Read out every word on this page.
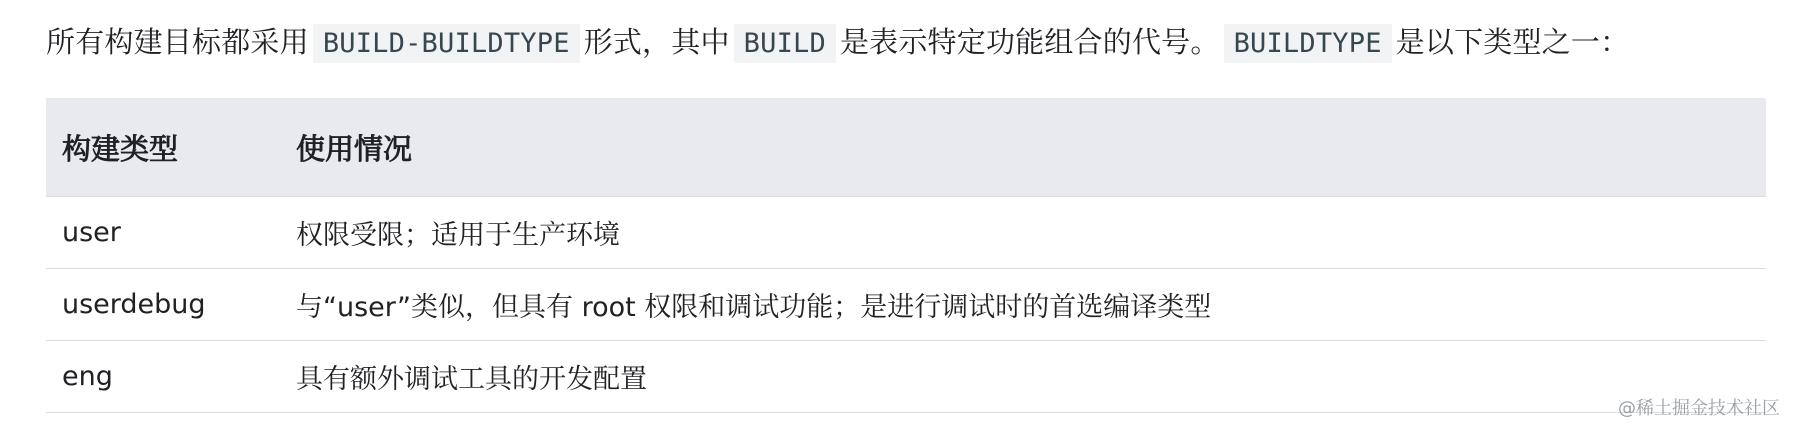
所有构建目标都采用 BUILD-BUILDTYPE 形式，其中 BUILD 是表示特定功能组合的代号。 BUILDTYPE 是以下类型之一：
构建类型	使用情况
user	权限受限；适用于生产环境
userdebug	与“user”类似，但具有 root 权限和调试功能；是进行调试时的首选编译类型
eng	具有额外调试工具的开发配置
@稀土掘金技术社区
